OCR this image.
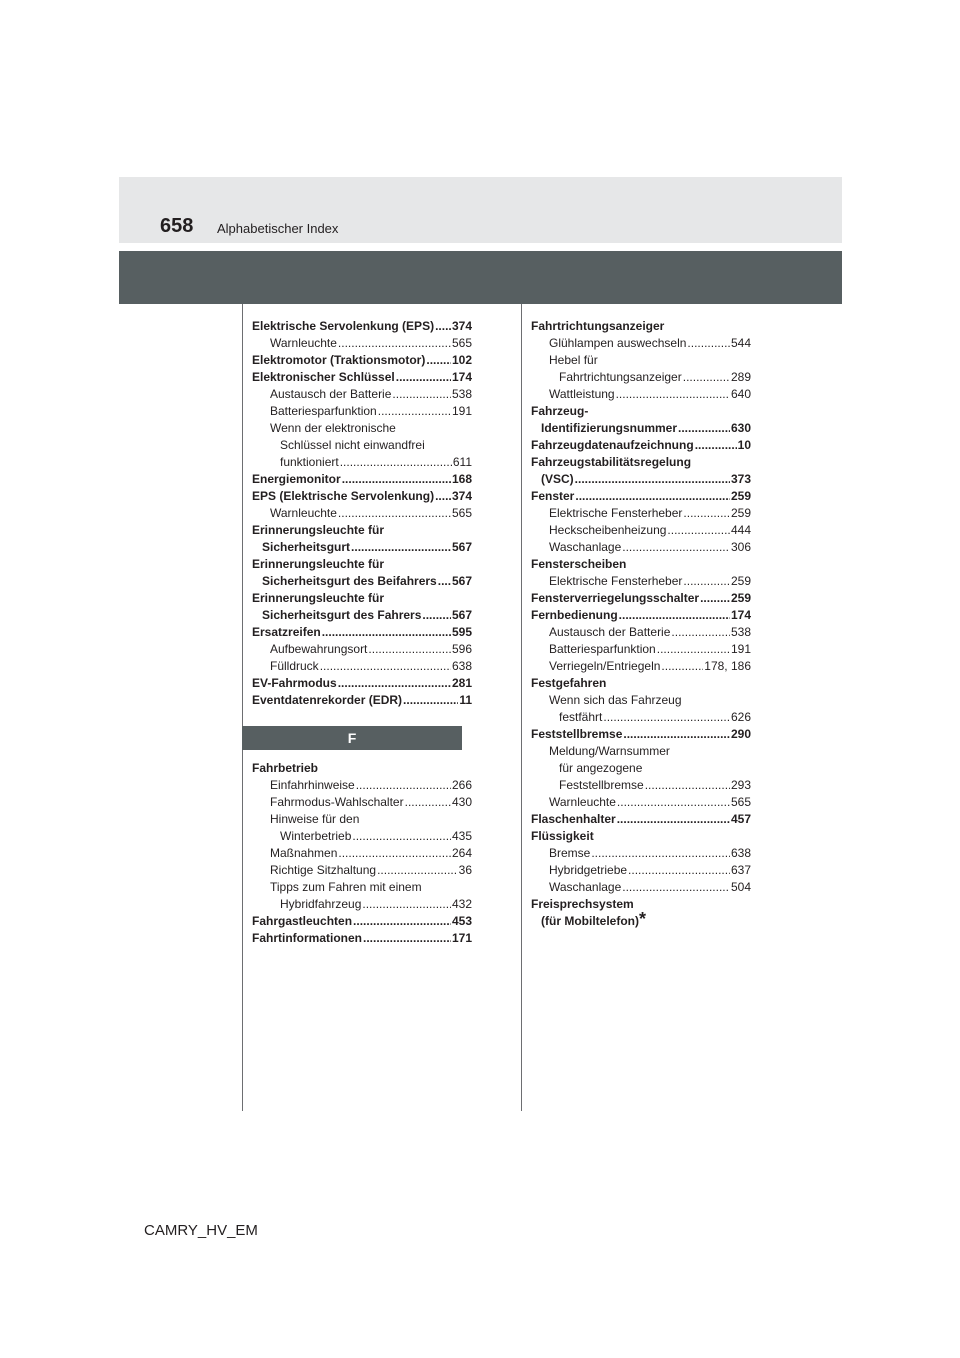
658 Alphabetischer Index
Elektrische Servolenkung (EPS) ..... 374
Warnleuchte .....	565
Elektromotor (Traktionsmotor) ..... 102
Elektronischer Schlüssel .....	174
Austausch der Batterie .....	538
Batteriesparfunktion .....	191
Wenn der elektronische
Schlüssel nicht einwandfrei
funktioniert .....	611
Energiemonitor .....	168
EPS (Elektrische Servolenkung) ..... 374
Warnleuchte .....	565
Erinnerungsleuchte für
Sicherheitsgurt .....	567
Erinnerungsleuchte für
Sicherheitsgurt des Beifahrers ..... 567
Erinnerungsleuchte für
Sicherheitsgurt des Fahrers .....	567
Ersatzreifen .....	595
Aufbewahrungsort .....	596
Fülldruck .....	638
EV-Fahrmodus .....	281
Eventdatenrekorder (EDR) .....	11
F
Fahrbetrieb
Einfahrhinweise .....	266
Fahrmodus-Wahlschalter .....	430
Hinweise für den
Winterbetrieb .....	435
Maßnahmen .....	264
Richtige Sitzhaltung .....	36
Tipps zum Fahren mit einem
Hybridfahrzeug .....	432
Fahrgastleuchten .....	453
Fahrtinformationen .....	171
Fahrtrichtungsanzeiger
Glühlampen auswechseln .....	544
Hebel für
Fahrtrichtungsanzeiger .....	289
Wattleistung .....	640
Fahrzeug-
Identifizierungsnummer .....	630
Fahrzeugdatenaufzeichnung .....	10
Fahrzeugstabilitätsregelung
(VSC) .....	373
Fenster .....	259
Elektrische Fensterheber .....	259
Heckscheibenheizung .....	444
Waschanlage .....	306
Fensterscheiben
Elektrische Fensterheber .....	259
Fensterverriegelungsschalter .....	259
Fernbedienung .....	174
Austausch der Batterie .....	538
Batteriesparfunktion .....	191
Verriegeln/Entriegeln .....	178, 186
Festgefahren
Wenn sich das Fahrzeug
festfährt .....	626
Feststellbremse .....	290
Meldung/Warnsummer
für angezogene
Feststellbremse .....	293
Warnleuchte .....	565
Flaschenhalter .....	457
Flüssigkeit
Bremse .....	638
Hybridgetriebe .....	637
Waschanlage .....	504
Freisprechsystem
(für Mobiltelefon) *
CAMRY_HV_EM
